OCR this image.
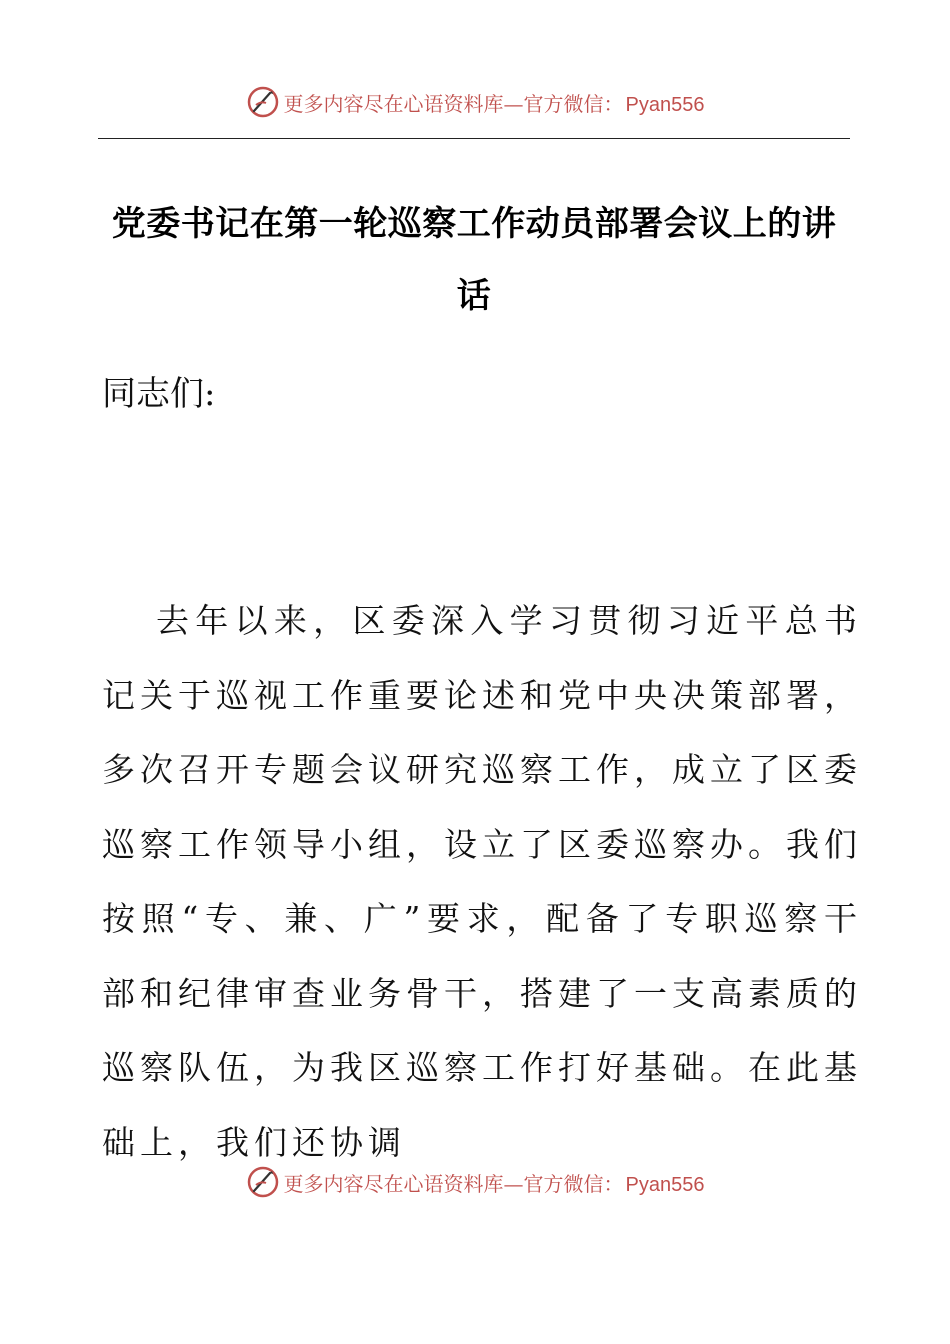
更多内容尽在心语资料库—官方微信： Pyan556
党委书记在第一轮巡察工作动员部署会议上的讲话
同志们:
去年以来，区委深入学习贯彻习近平总书记关于巡视工作重要论述和党中央决策部署，多次召开专题会议研究巡察工作，成立了区委巡察工作领导小组，设立了区委巡察办。我们按照“专、兼、广”要求，配备了专职巡察干部和纪律审查业务骨干，搭建了一支高素质的巡察队伍，为我区巡察工作打好基础。在此基础上，我们还协调
更多内容尽在心语资料库—官方微信： Pyan556
